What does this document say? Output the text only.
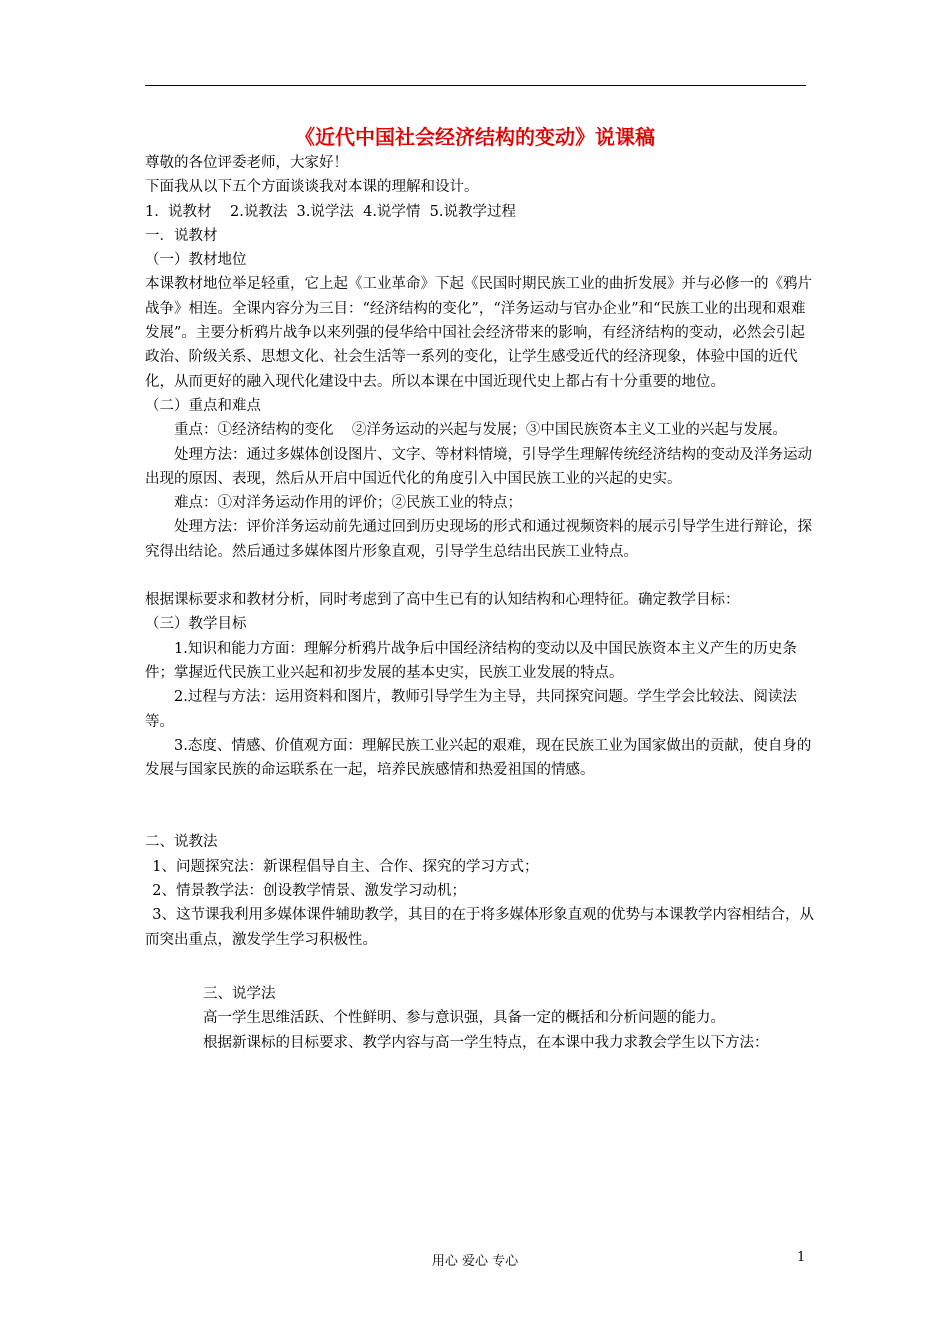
《近代中国社会经济结构的变动》说课稿

尊敬的各位评委老师，大家好！

下面我从以下五个方面谈谈我对本课的理解和设计。

1.  说教材    2.说教法  3.说学法  4.说学情  5.说教学过程

一．说教材

（一）教材地位

本课教材地位举足轻重，它上起《工业革命》下起《民国时期民族工业的曲折发展》并与必修一的《鸦片战争》相连。全课内容分为三目：“经济结构的变化”，“洋务运动与官办企业”和“民族工业的出现和艰难发展”。主要分析鸦片战争以来列强的侵华给中国社会经济带来的影响，有经济结构的变动，必然会引起政治、阶级关系、思想文化、社会生活等一系列的变化，让学生感受近代的经济现象，体验中国的近代化，从而更好的融入现代化建设中去。所以本课在中国近现代史上都占有十分重要的地位。

（二）重点和难点

重点：①经济结构的变化    ②洋务运动的兴起与发展；③中国民族资本主义工业的兴起与发展。

处理方法：通过多媒体创设图片、文字、等材料情境，引导学生理解传统经济结构的变动及洋务运动出现的原因、表现，然后从开启中国近代化的角度引入中国民族工业的兴起的史实。

难点：①对洋务运动作用的评价；②民族工业的特点；

处理方法：评价洋务运动前先通过回到历史现场的形式和通过视频资料的展示引导学生进行辩论，探究得出结论。然后通过多媒体图片形象直观，引导学生总结出民族工业特点。

根据课标要求和教材分析，同时考虑到了高中生已有的认知结构和心理特征。确定教学目标：

（三）教学目标

1.知识和能力方面：理解分析鸦片战争后中国经济结构的变动以及中国民族资本主义产生的历史条件；掌握近代民族工业兴起和初步发展的基本史实，民族工业发展的特点。

2.过程与方法：运用资料和图片，教师引导学生为主导，共同探究问题。学生学会比较法、阅读法等。

3.态度、情感、价值观方面：理解民族工业兴起的艰难，现在民族工业为国家做出的贡献，使自身的发展与国家民族的命运联系在一起，培养民族感情和热爱祖国的情感。

二、说教法

1、问题探究法：新课程倡导自主、合作、探究的学习方式；

2、情景教学法：创设教学情景、激发学习动机；

3、这节课我利用多媒体课件辅助教学，其目的在于将多媒体形象直观的优势与本课教学内容相结合，从而突出重点，激发学生学习积极性。

三、说学法

高一学生思维活跃、个性鲜明、参与意识强，具备一定的概括和分析问题的能力。

根据新课标的目标要求、教学内容与高一学生特点，在本课中我力求教会学生以下方法：

用心 爱心 专心	1
